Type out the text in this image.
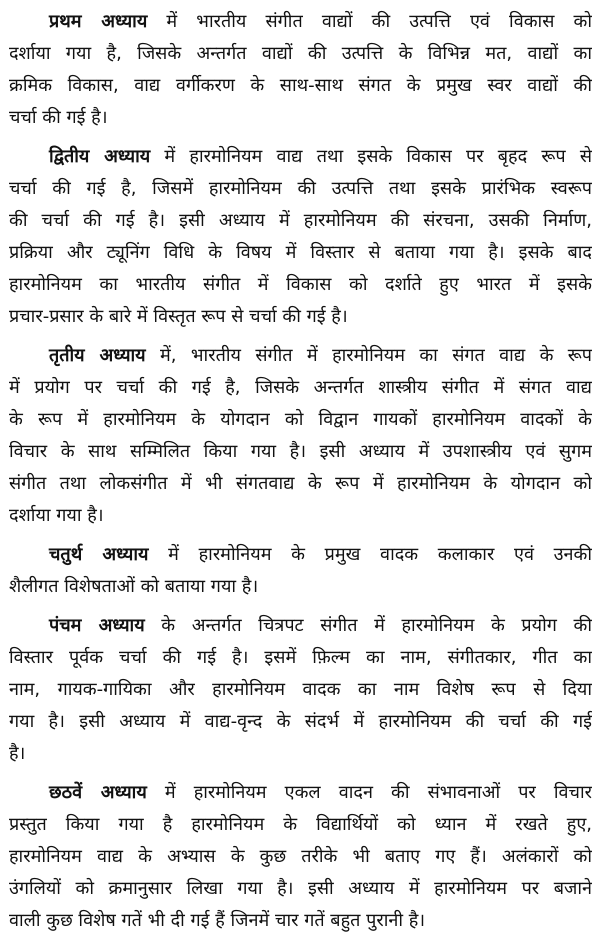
प्रथम अध्याय में भारतीय संगीत वाद्यों की उत्पत्ति एवं विकास को
दर्शाया गया है, जिसके अन्तर्गत वाद्यों की उत्पत्ति के विभिन्न मत, वाद्यों का
क्रमिक विकास, वाद्य वर्गीकरण के साथ-साथ संगत के प्रमुख स्वर वाद्यों की
चर्चा की गई है।
द्वितीय अध्याय में हारमोनियम वाद्य तथा इसके विकास पर बृहद रूप से
चर्चा की गई है, जिसमें हारमोनियम की उत्पत्ति तथा इसके प्रारंभिक स्वरूप
की चर्चा की गई है। इसी अध्याय में हारमोनियम की संरचना, उसकी निर्माण,
प्रक्रिया और ट्यूनिंग विधि के विषय में विस्तार से बताया गया है। इसके बाद
हारमोनियम का भारतीय संगीत में विकास को दर्शाते हुए भारत में इसके
प्रचार-प्रसार के बारे में विस्तृत रूप से चर्चा की गई है।
तृतीय अध्याय में, भारतीय संगीत में हारमोनियम का संगत वाद्य के रूप
में प्रयोग पर चर्चा की गई है, जिसके अन्तर्गत शास्त्रीय संगीत में संगत वाद्य
के रूप में हारमोनियम के योगदान को विद्वान गायकों हारमोनियम वादकों के
विचार के साथ सम्मिलित किया गया है। इसी अध्याय में उपशास्त्रीय एवं सुगम
संगीत तथा लोकसंगीत में भी संगतवाद्य के रूप में हारमोनियम के योगदान को
दर्शाया गया है।
चतुर्थ अध्याय में हारमोनियम के प्रमुख वादक कलाकार एवं उनकी
शैलीगत विशेषताओं को बताया गया है।
पंचम अध्याय के अन्तर्गत चित्रपट संगीत में हारमोनियम के प्रयोग की
विस्तार पूर्वक चर्चा की गई है। इसमें फ़िल्म का नाम, संगीतकार, गीत का
नाम, गायक-गायिका और हारमोनियम वादक का नाम विशेष रूप से दिया
गया है। इसी अध्याय में वाद्य-वृन्द के संदर्भ में हारमोनियम की चर्चा की गई
है।
छठवें अध्याय में हारमोनियम एकल वादन की संभावनाओं पर विचार
प्रस्तुत किया गया है हारमोनियम के विद्यार्थियों को ध्यान में रखते हुए,
हारमोनियम वाद्य के अभ्यास के कुछ तरीके भी बताए गए हैं। अलंकारों को
उंगलियों को क्रमानुसार लिखा गया है। इसी अध्याय में हारमोनियम पर बजाने
वाली कुछ विशेष गतें भी दी गई हैं जिनमें चार गतें बहुत पुरानी है।
